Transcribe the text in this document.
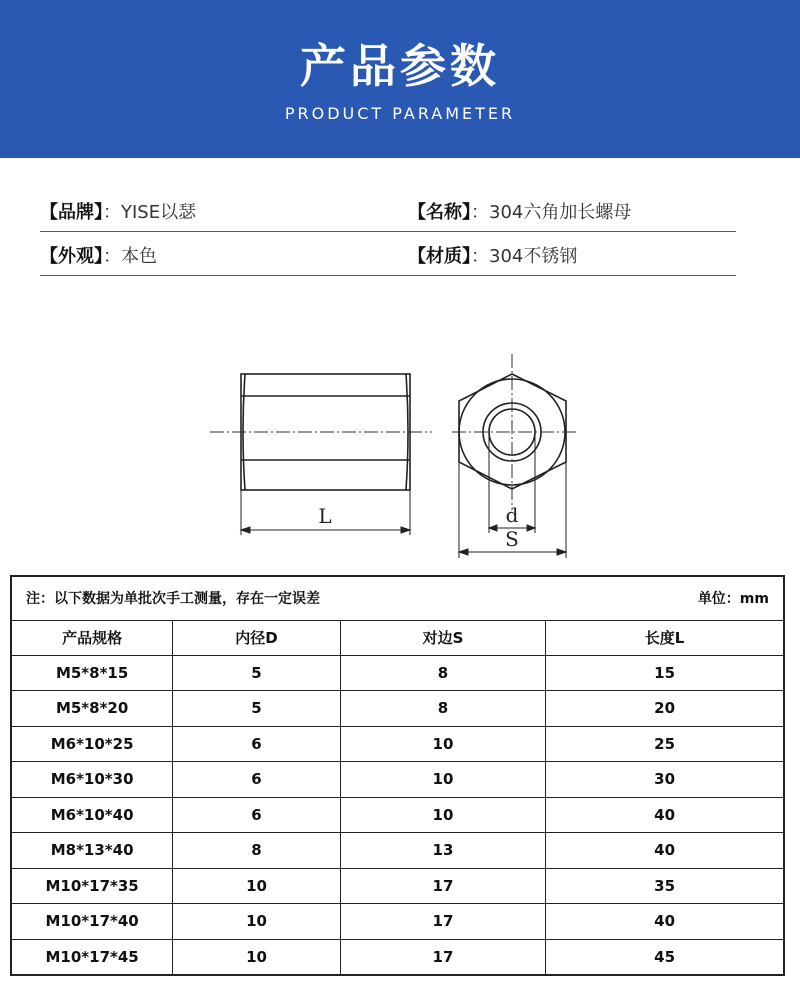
产品参数
PRODUCT PARAMETER
【品牌】：YISE以瑟	【名称】：304六角加长螺母
【外观】：本色	【材质】：304不锈钢
L	d
S
注：以下数据为单批次手工测量，存在一定误差 单位：mm			

产品规格	内径D	对边S	长度L
M5*8*15	5	8	15
M5*8*20	5	8	20
M6*10*25	6	10	25
M6*10*30	6	10	30
M6*10*40	6	10	40
M8*13*40	8	13	40
M10*17*35	10	17	35
M10*17*40	10	17	40
M10*17*45	10	17	45
